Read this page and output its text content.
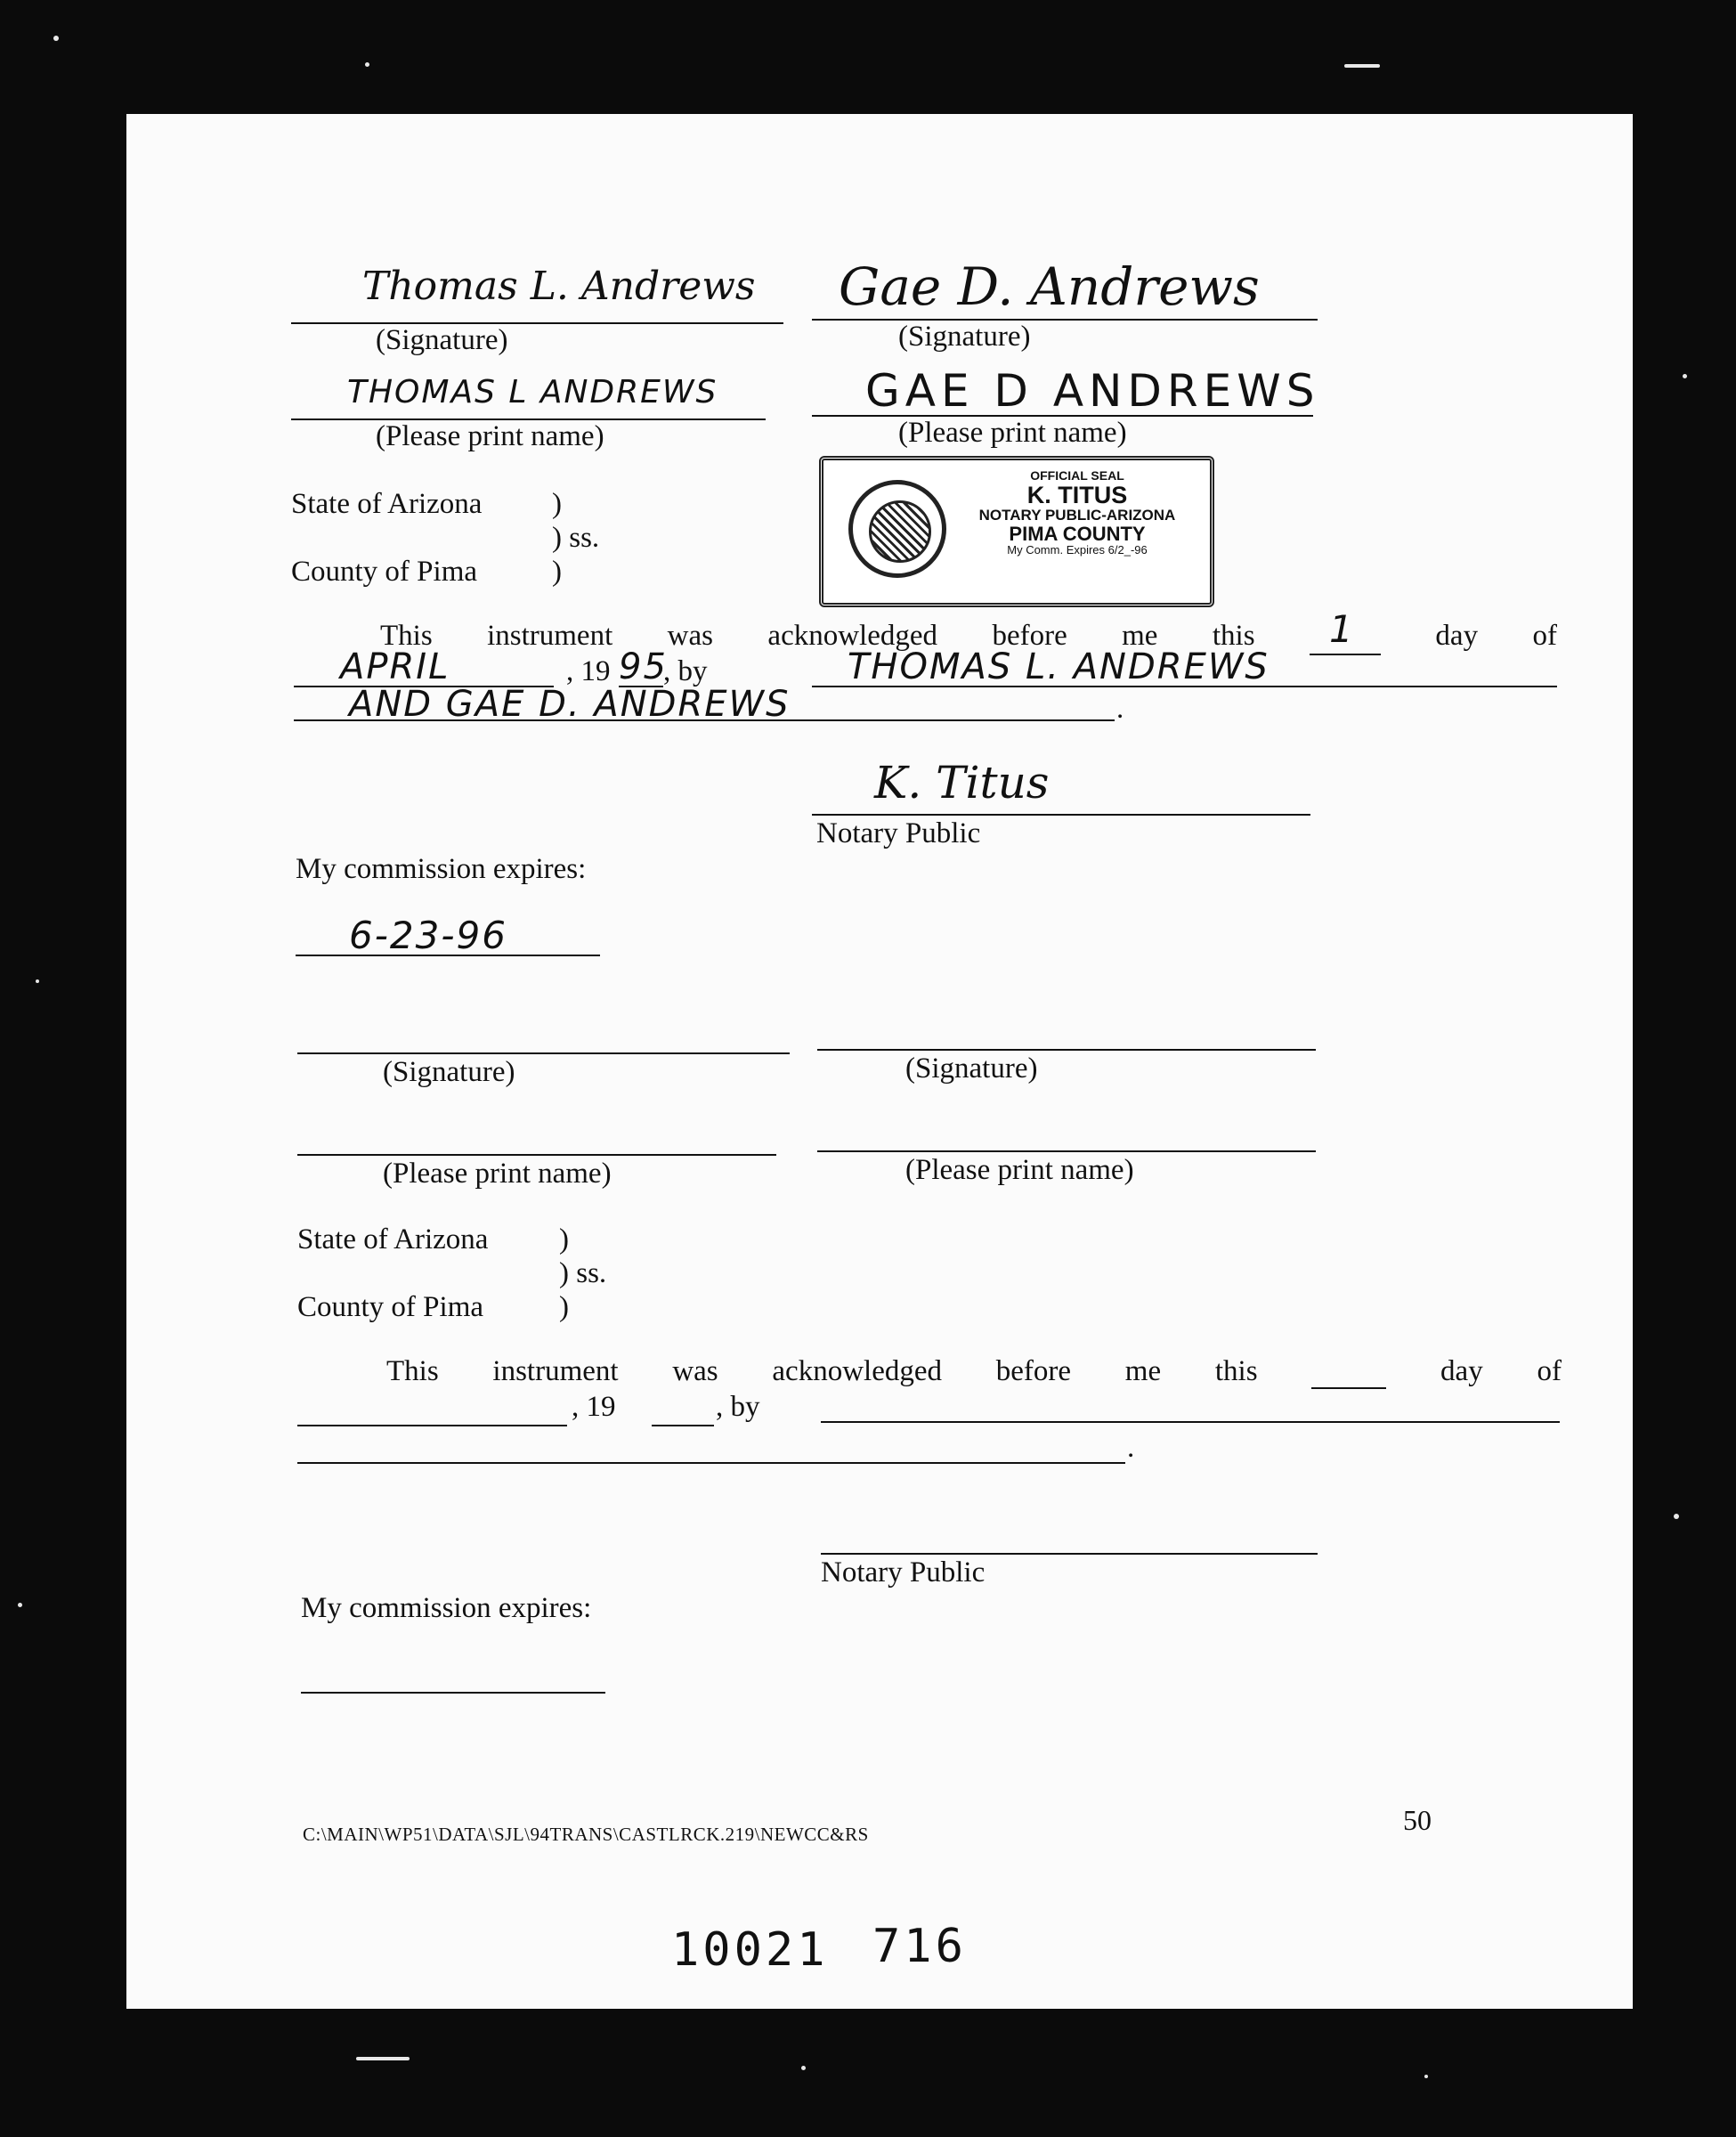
Thomas L. Andrews Gae D. Andrews
(Signature)	(Signature)
THOMAS L ANDREWS	GAE D ANDREWS
(Please print name)	(Please print name)
State of Arizona )
) ss.
County of Pima	)
OFFICIAL SEAL
K. TITUS
NOTARY PUBLIC-ARIZONA
PIMA COUNTY
My Comm. Expires 6/2_-96
This instrument was acknowledged before me this 1	day of
APRIL	, 19 95
, by	THOMAS L. ANDREWS
AND GAE D. ANDREWS	.
K. Titus
Notary Public
My commission expires:
6-23-96
(Signature)	(Signature)
(Please print name)	(Please print name)
State of Arizona )
) ss.
County of Pima	)
This instrument was acknowledged before me this	day of
, 19	, by
.
Notary Public
My commission expires:
C:\MAIN\WP51\DATA\SJL\94TRANS\CASTLRCK.219\NEWCC&RS	50
10021 716
